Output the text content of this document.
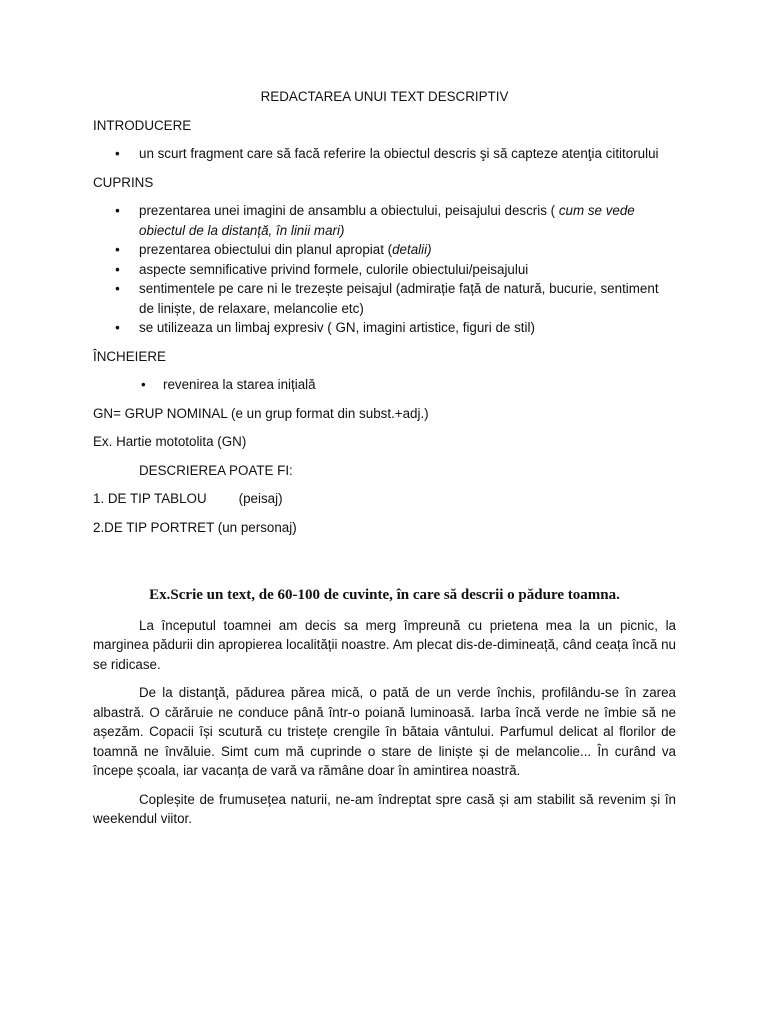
REDACTAREA UNUI TEXT DESCRIPTIV
INTRODUCERE
• un scurt fragment care să facă referire la obiectul descris şi să capteze atenţia cititorului
CUPRINS
• prezentarea unei imagini de ansamblu a obiectului, peisajului descris ( cum se vede obiectul de la distanță, în linii mari)
• prezentarea obiectului din planul apropiat (detalii)
• aspecte semnificative privind formele, culorile obiectului/peisajului
• sentimentele pe care ni le trezește peisajul (admirație față de natură, bucurie, sentiment de liniște, de relaxare, melancolie etc)
• se utilizeaza un limbaj expresiv ( GN, imagini artistice, figuri de stil)
ÎNCHEIERE
• revenirea la starea inițială
GN= GRUP NOMINAL (e un grup format din subst.+adj.)
Ex. Hartie mototolita (GN)
DESCRIEREA POATE FI:
1. DE TIP TABLOU (peisaj)
2.DE TIP PORTRET (un personaj)
Ex.Scrie un text, de 60-100 de cuvinte, în care să descrii o pădure toamna.
La începutul toamnei am decis sa merg împreună cu prietena mea la un picnic, la marginea pădurii din apropierea localității noastre. Am plecat dis-de-dimineață, când ceața încă nu se ridicase.
De la distanţă, pădurea părea mică, o pată de un verde închis, profilându-se în zarea albastră. O cărăruie ne conduce până într-o poiană luminoasă. Iarba încă verde ne îmbie să ne așezăm. Copacii își scutură cu tristețe crengile în bătaia vântului. Parfumul delicat al florilor de toamnă ne învăluie. Simt cum mă cuprinde o stare de liniște și de melancolie... În curând va începe școala, iar vacanța de vară va rămâne doar în amintirea noastră.
Copleșite de frumusețea naturii, ne-am îndreptat spre casă și am stabilit să revenim și în weekendul viitor.
